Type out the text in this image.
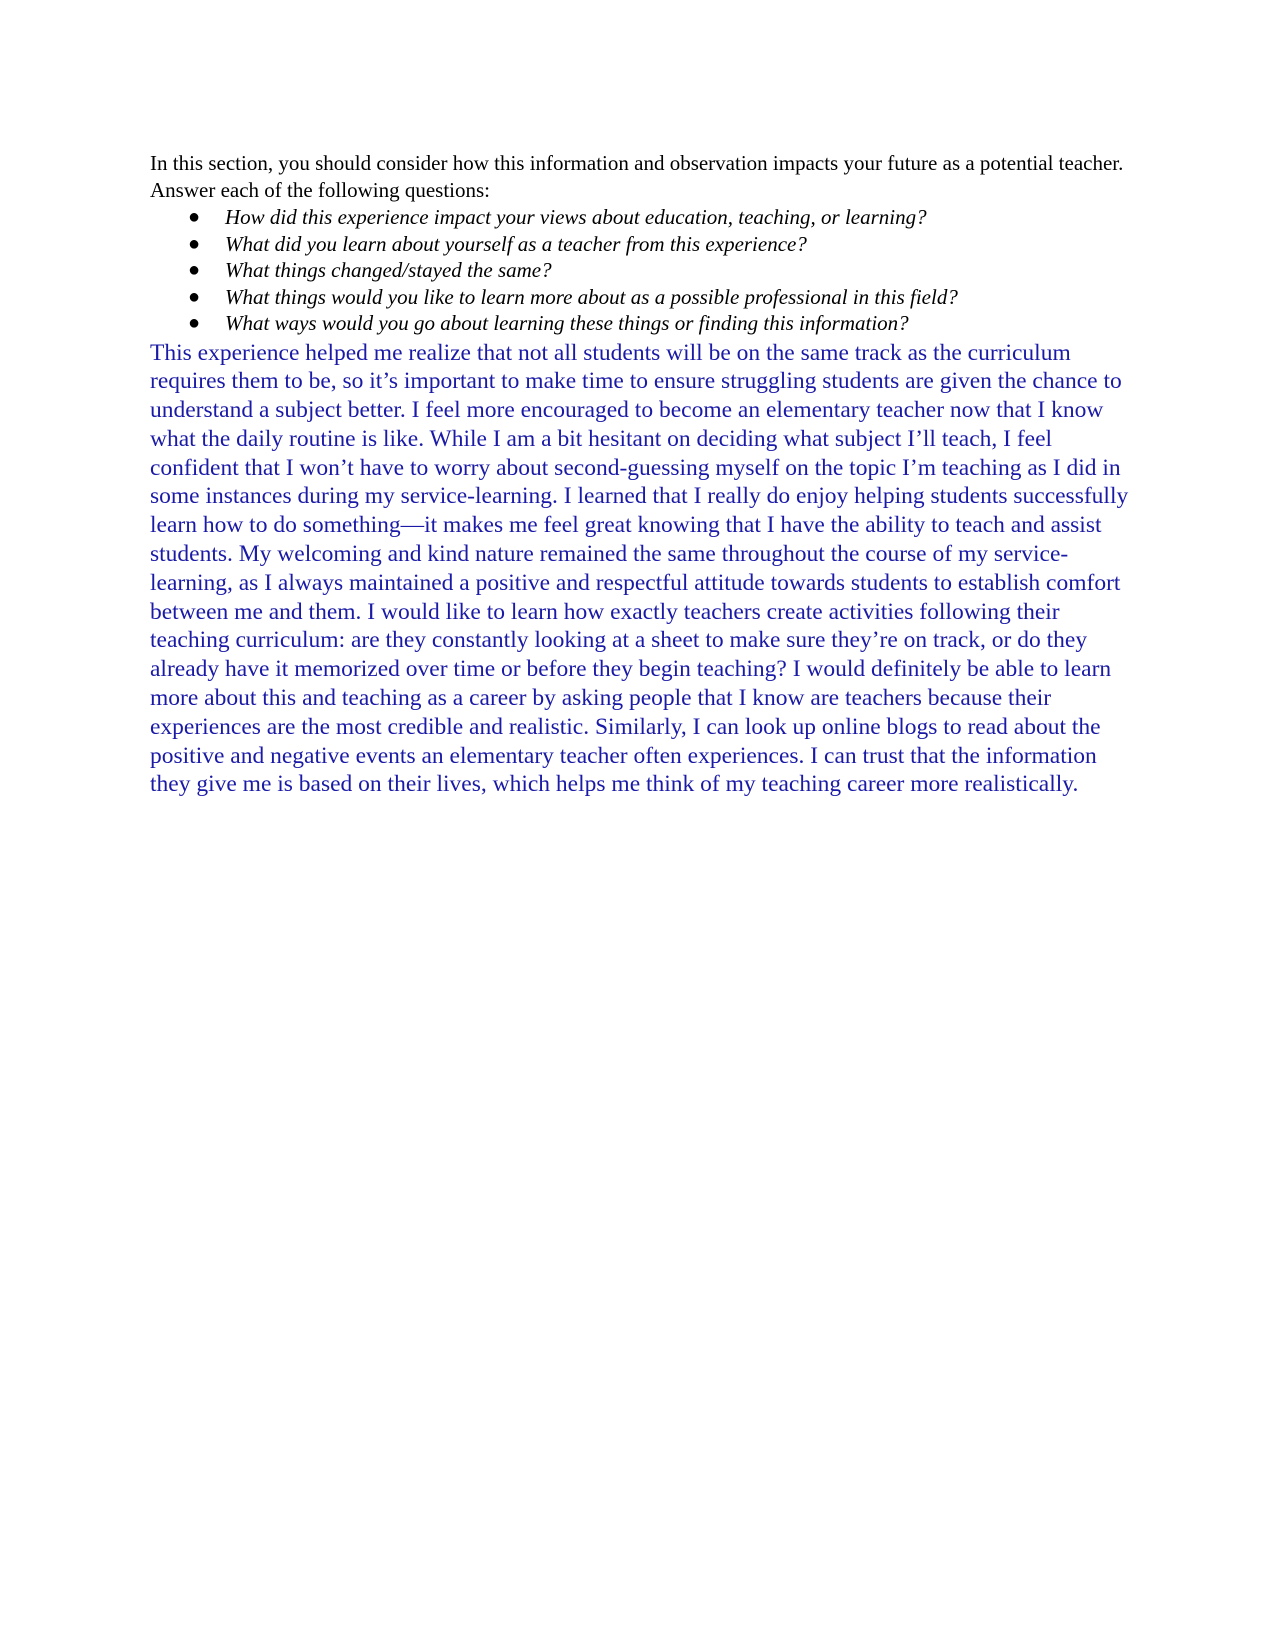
In this section, you should consider how this information and observation impacts your future as a potential teacher.

Answer each of the following questions:

● How did this experience impact your views about education, teaching, or learning?
● What did you learn about yourself as a teacher from this experience?
● What things changed/stayed the same?
● What things would you like to learn more about as a possible professional in this field?
● What ways would you go about learning these things or finding this information?

This experience helped me realize that not all students will be on the same track as the curriculum requires them to be, so it’s important to make time to ensure struggling students are given the chance to understand a subject better. I feel more encouraged to become an elementary teacher now that I know what the daily routine is like. While I am a bit hesitant on deciding what subject I’ll teach, I feel confident that I won’t have to worry about second-guessing myself on the topic I’m teaching as I did in some instances during my service-learning. I learned that I really do enjoy helping students successfully learn how to do something—it makes me feel great knowing that I have the ability to teach and assist students. My welcoming and kind nature remained the same throughout the course of my service-learning, as I always maintained a positive and respectful attitude towards students to establish comfort between me and them. I would like to learn how exactly teachers create activities following their teaching curriculum: are they constantly looking at a sheet to make sure they’re on track, or do they already have it memorized over time or before they begin teaching? I would definitely be able to learn more about this and teaching as a career by asking people that I know are teachers because their experiences are the most credible and realistic. Similarly, I can look up online blogs to read about the positive and negative events an elementary teacher often experiences. I can trust that the information they give me is based on their lives, which helps me think of my teaching career more realistically.
